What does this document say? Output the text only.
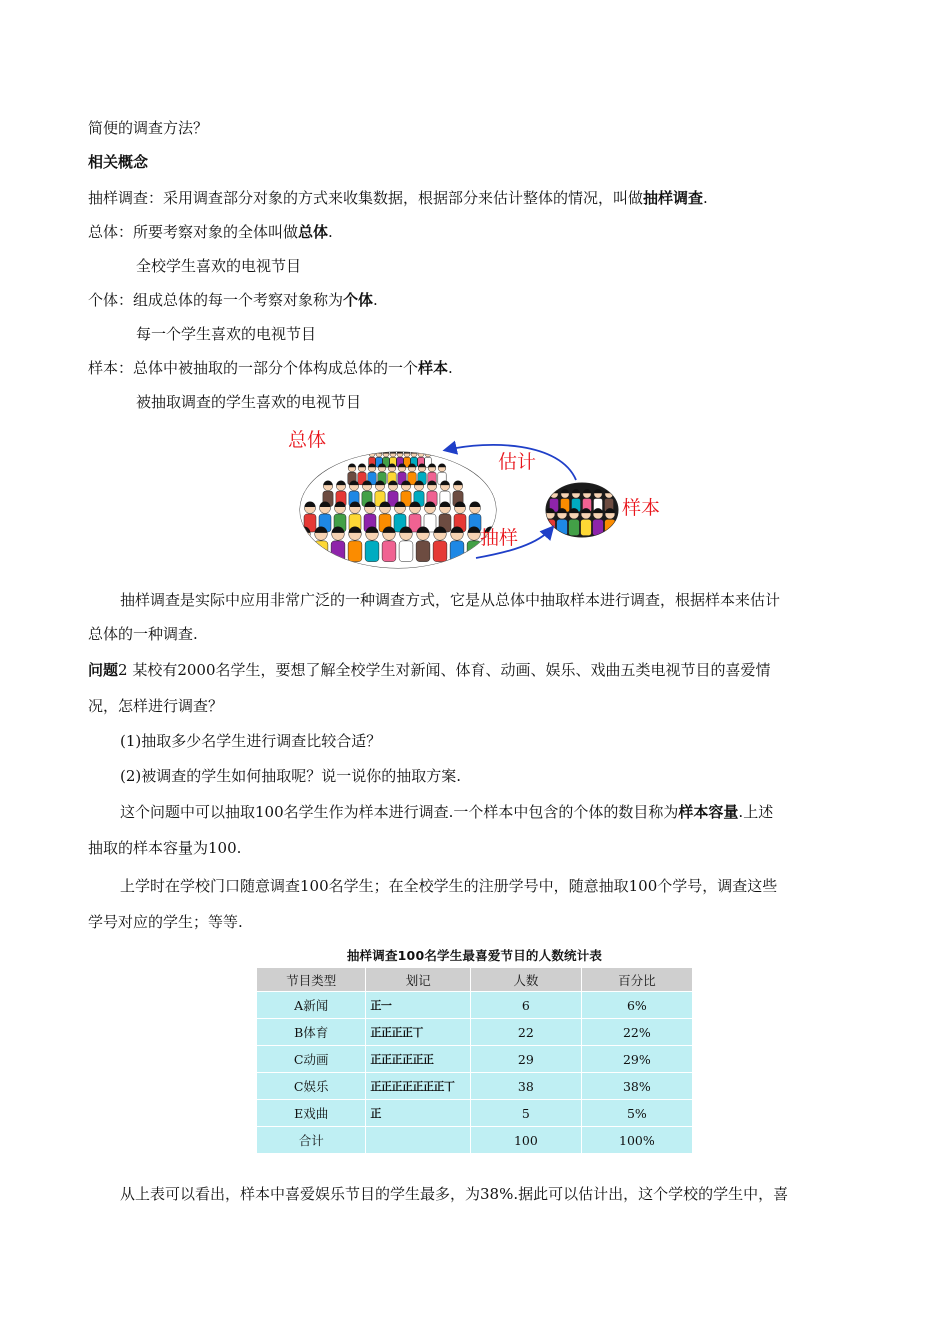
简便的调查方法？
相关概念
抽样调查：采用调查部分对象的方式来收集数据，根据部分来估计整体的情况，叫做抽样调查.
总体：所要考察对象的全体叫做总体.
全校学生喜欢的电视节目
个体：组成总体的每一个考察对象称为个体.
每一个学生喜欢的电视节目
样本：总体中被抽取的一部分个体构成总体的一个样本.
被抽取调查的学生喜欢的电视节目
总体
估计
样本
抽样
抽样调查是实际中应用非常广泛的一种调查方式，它是从总体中抽取样本进行调查，根据样本来估计
总体的一种调查.
问题2 某校有2000名学生，要想了解全校学生对新闻、体育、动画、娱乐、戏曲五类电视节目的喜爱情
况，怎样进行调查？
(1)抽取多少名学生进行调查比较合适？
(2)被调查的学生如何抽取呢？说一说你的抽取方案.
这个问题中可以抽取100名学生作为样本进行调查.一个样本中包含的个体的数目称为样本容量.上述
抽取的样本容量为100.
上学时在学校门口随意调查100名学生；在全校学生的注册学号中，随意抽取100个学号，调查这些
学号对应的学生；等等.
抽样调查100名学生最喜爱节目的人数统计表
节目类型	划记	人数	百分比
A新闻	正一	6	6%
B体育	正正正正丅	22	22%
C动画	正正正正正正	29	29%
C娱乐	正正正正正正正丅	38	38%
E戏曲	正	5	5%
合计		100	100%
从上表可以看出，样本中喜爱娱乐节目的学生最多，为38%.据此可以估计出，这个学校的学生中，喜
